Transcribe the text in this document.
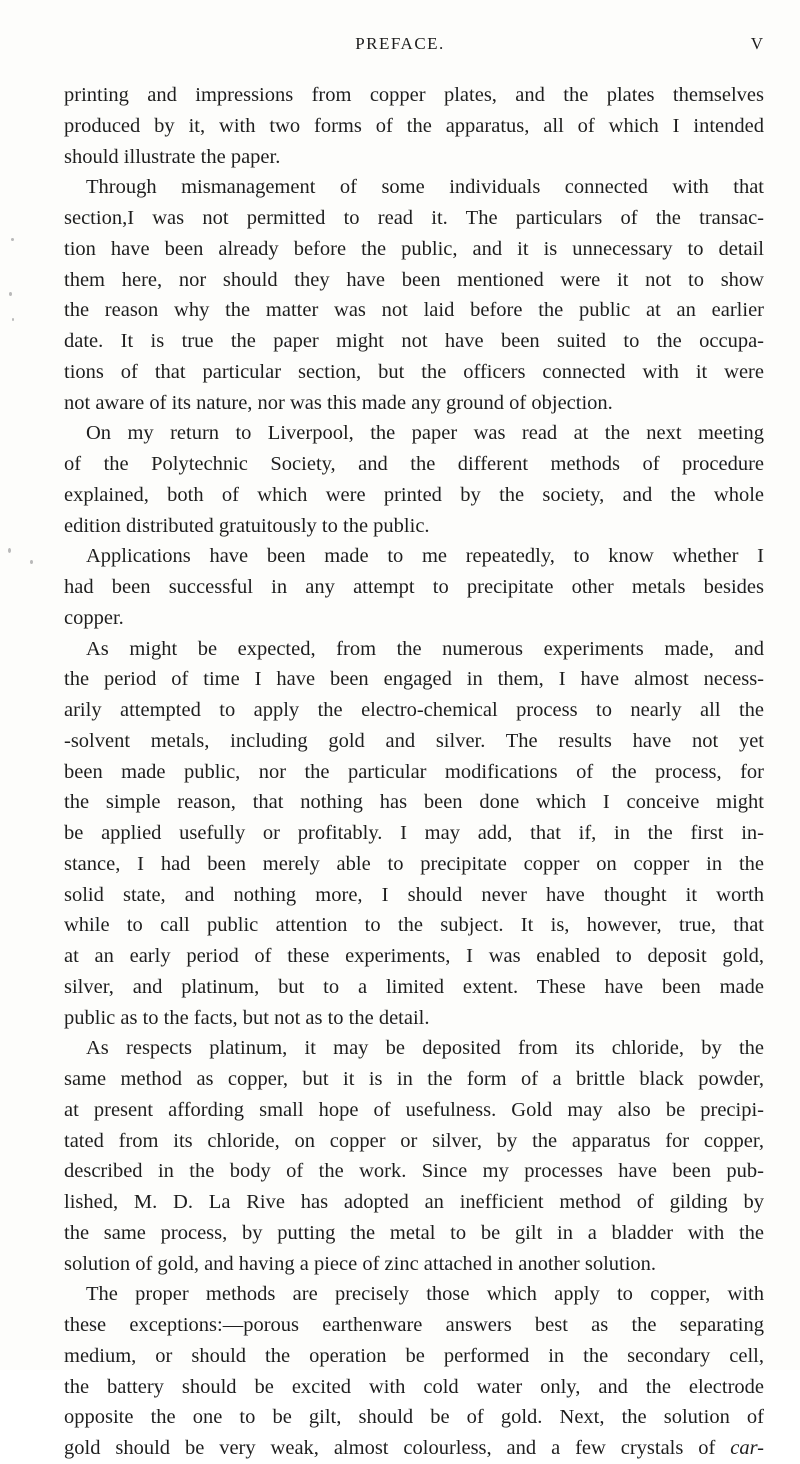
PREFACE.	V
printing and impressions from copper plates, and the plates themselves
produced by it, with two forms of the apparatus, all of which I intended
should illustrate the paper.
Through mismanagement of some individuals connected with that
section,I was not permitted to read it. The particulars of the transac-
tion have been already before the public, and it is unnecessary to detail
them here, nor should they have been mentioned were it not to show
the reason why the matter was not laid before the public at an earlier
date. It is true the paper might not have been suited to the occupa-
tions of that particular section, but the officers connected with it were
not aware of its nature, nor was this made any ground of objection.
On my return to Liverpool, the paper was read at the next meeting
of the Polytechnic Society, and the different methods of procedure
explained, both of which were printed by the society, and the whole
edition distributed gratuitously to the public.
Applications have been made to me repeatedly, to know whether I
had been successful in any attempt to precipitate other metals besides
copper.
As might be expected, from the numerous experiments made, and
the period of time I have been engaged in them, I have almost necess-
arily attempted to apply the electro-chemical process to nearly all the
-solvent metals, including gold and silver. The results have not yet
been made public, nor the particular modifications of the process, for
the simple reason, that nothing has been done which I conceive might
be applied usefully or profitably. I may add, that if, in the first in-
stance, I had been merely able to precipitate copper on copper in the
solid state, and nothing more, I should never have thought it worth
while to call public attention to the subject. It is, however, true, that
at an early period of these experiments, I was enabled to deposit gold,
silver, and platinum, but to a limited extent. These have been made
public as to the facts, but not as to the detail.
As respects platinum, it may be deposited from its chloride, by the
same method as copper, but it is in the form of a brittle black powder,
at present affording small hope of usefulness. Gold may also be precipi-
tated from its chloride, on copper or silver, by the apparatus for copper,
described in the body of the work. Since my processes have been pub-
lished, M. D. La Rive has adopted an inefficient method of gilding by
the same process, by putting the metal to be gilt in a bladder with the
solution of gold, and having a piece of zinc attached in another solution.
The proper methods are precisely those which apply to copper, with
these exceptions:—porous earthenware answers best as the separating
medium, or should the operation be performed in the secondary cell,
the battery should be excited with cold water only, and the electrode
opposite the one to be gilt, should be of gold. Next, the solution of
gold should be very weak, almost colourless, and a few crystals of car-
